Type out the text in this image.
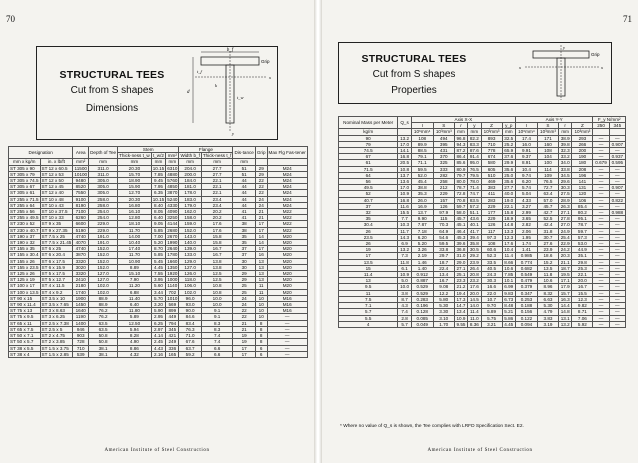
70
STRUCTURAL TEES
Cut from S shapes
Dimensions
b_f
d
t_w
Grip
x
t_f
k
y
Designation		Area	Depth of Tee	Stem			Flange		Dis-tance	Grip	Max Flg Fas-tener
				Thick-ness t_w	t_w/2	mm²	Width b_f	Thick-ness t_f			
mm x kg/m	in. x lb/ft	mm²	mm	mm	mm	mm	mm	mm	mm		
ST 305 x 90	ST 12 x 60.5	11500	311.0	20.30	10.15	6310	204.0	27.7	51	29	M24
ST 305 x 79	ST 12 x 53	10100	311.0	15.70	7.85	4880	200.0	27.7	51	29	M24
ST 305 x 74.5	ST 12 x 50	9480	305.0	18.90	9.45	5760	184.0	22.1	44	22	M24
ST 305 x 67	ST 12 x 45	8520	305.0	15.90	7.95	4850	181.0	22.1	44	22	M24
ST 305 x 61	ST 12 x 40	7550	305.0	12.70	6.35	3870	178.0	22.1	44	22	M24
ST 255 x 71.5	ST 10 x 48	9100	258.0	20.30	10.15	5240	183.0	23.4	44	24	M24
ST 255 x 64	ST 10 x 43	8190	258.0	16.80	8.40	4330	179.0	23.4	44	24	M24
ST 255 x 56	ST 10 x 37.5	7100	254.0	16.10	8.05	4090	162.0	20.2	41	21	M22
ST 255 x 49.5	ST 10 x 33	6260	254.0	12.80	6.40	3250	158.0	20.2	41	21	M22
ST 230 x 52	ST 9 x 35	6600	229.0	18.10	9.05	4144	159.0	17.6	38	17	M22
ST 230 x 40.7	ST 9 x 27.35	5190	229.0	11.70	5.85	2680	152.0	17.6	38	17	M22
ST 190 x 37	ST 7.5 x 25	4740	191.0	14.00	7.00	2670	143.0	15.8	35	14	M20
ST 190 x 32	ST 7.5 x 21.45	4070	191.0	10.40	5.20	1990	140.0	15.8	35	14	M20
ST 155 x 35	ST 6 x 25	4740	152.0	17.40	8.70	2640	139.0	16.7	37	17	M20
ST 155 x 30.4	ST 6 x 20.4	3870	152.0	11.70	5.85	1780	133.0	16.7	37	16	M20
ST 155 x 26	ST 6 x 17.5	3320	152.0	10.90	5.45	1660	129.0	13.8	30	13	M20
ST 155 x 23.5	ST 6 x 15.9	3020	152.0	8.89	4.45	1350	127.0	13.8	30	13	M20
ST 125 x 26	ST 5 x 17.5	3320	127.0	15.10	7.55	1920	126.0	12.5	29	13	M20
ST 125 x 19	ST 5 x 12.7	2410	127.0	7.90	3.95	1000	118.0	12.5	29	13	M20
ST 100 x 17	ST 4 x 11.5	2180	102.0	11.20	5.60	1140	106.0	10.8	25	11	M20
ST 100 x 13.5	ST 4 x 9.2	1740	102.0	6.88	3.44	702	102.0	10.8	25	11	M20
ST 90 x 15	ST 3.5 x 10	1900	88.9	11.40	5.70	1010	96.0	10.0	24	10	M16
ST 90 x 11.4	ST 3.5 x 7.65	1450	88.9	6.40	3.20	569	93.0	10.0	24	10	M16
ST 75 x 13	ST 3 x 8.63	1640	76.2	11.80	5.90	899	90.0	9.1	22	10	M16
ST 75 x 9.5	ST 3 x 6.25	1190	76.2	5.89	2.95	449	84.6	9.1	22	10	—
ST 65 x 11	ST 2.5 x 7.38	1400	63.5	12.50	6.25	794	83.4	8.3	21	8	—
ST 65 x 7.5	ST 2.5 x 5	946	63.5	5.94	2.97	345	76.3	8.3	21	8	—
ST 50 x 7.1	ST 2 x 4.75	903	50.8	8.28	4.14	421	71.0	7.4	19	8	—
ST 50 x 5.7	ST 2 x 3.85	728	50.8	4.90	2.45	249	67.6	7.4	19	8	—
ST 38 x 5.5	ST 1.5 x 3.75	710	38.1	8.86	4.43	336	63.7	6.6	17	6	—
ST 38 x 4	ST 1.5 x 2.85	539	38.1	4.32	2.16	165	59.2	6.6	17	6	—
American Institute of Steel Construction
71
STRUCTURAL TEES
Cut from S shapes
Properties
x	x
y
Grip
Nominal Mass per Meter	Q_s	Axis X-X						Axis Y-Y				F_y N/mm²	
		I	S	r	y	Z	y_p	I	S	r	Z	250	345
kg/m		10⁶mm⁴	10³mm³	mm	mm	10³mm³	mm	10⁶mm⁴	10³mm³	mm	10³mm³		
90	13.2	108	494	96.8	82.2	893	32.5	17.4	171	38.9	293	—	—
79	17.0	89.9	395	94.3	83.3	710	25.2	16.0	160	39.8	266	—	0.907
74.5	14.1	88.5	431	87.2	87.6	778	65.9	9.91	108	32.3	200	—	—
67	16.8	79.1	370	86.4	91.4	674	37.6	9.37	104	33.2	190	—	0.937
61	20.5	71.1	325	85.6	95.0	580	29.9	8.91	100	34.0	180	0.679	0.595
71.5	10.8	59.5	333	80.9	76.5	605	35.6	10.4	114	33.8	208	—	—
64	13.7	52.0	282	79.7	79.5	510	25.0	9.74	109	34.5	196	—	—
56	13.6	45.4	258	80.0	78.0	469	35.6	6.20	76.5	29.6	141	—	—
49.5	17.0	38.8	212	78.7	71.4	383	27.7	5.74	72.7	30.3	131	—	0.907
52	10.9	35.3	229	72.8	74.7	411	40.0	5.04	63.4	27.5	120	—	—
40.7	16.8	26.0	157	70.8	83.5	283	19.0	4.33	57.0	28.9	106	—	0.822
37	11.6	16.9	126	59.7	57.2	229	22.1	3.27	45.7	26.3	85.4	—	—
32	15.5	13.7	97.9	58.0	51.1	177	15.8	2.99	42.7	27.1	80.2	—	0.988
35	7.7	9.90	115	45.7	43.6	229	18.9	3.65	52.5	27.8	95.1	—	—
30.4	10.3	7.87	70.3	45.1	40.1	126	14.8	2.82	42.4	27.0	78.7	—	—
26	11.7	7.18	64.9	46.4	41.7	117	13.3	2.06	31.8	24.9	59.7	—	—
23.5	14.3	6.20	54.6	45.3	39.4	97.3	12.3	1.95	30.7	25.4	57.3	—	—
26	6.9	5.20	59.5	39.6	35.8	108	17.6	1.74	27.6	22.9	53.0	—	—
19	13.2	3.26	33.8	36.8	30.5	60.6	10.4	1.41	23.9	24.2	44.9	—	—
17	7.3	2.19	29.7	31.0	29.2	52.3	11.4	0.985	18.6	20.3	35.1	—	—
13.5	11.8	1.46	18.7	29.0	23.9	33.5	8.66	0.774	15.2	21.1	29.8	—	—
15	6.1	1.40	22.4	27.1	26.4	40.5	10.6	0.682	13.5	18.7	25.3	—	—
11.4	10.9	0.912	13.4	25.1	20.8	24.3	7.85	0.549	11.8	19.5	22.1	—	—
13	5.0	0.887	16.7	23.3	23.2	30.3	10.1	0.479	10.6	17.1	20.0	—	—
9.5	10.0	0.529	9.08	21.2	17.6	16.6	6.99	0.379	8.96	17.9	16.7	—	—
11	3.8	0.529	12.2	19.4	20.0	22.0	9.83	0.347	8.32	15.7	15.5	—	—
7.5	8.7	0.283	5.80	17.3	14.5	10.7	6.73	0.253	6.63	16.3	12.3	—	—
7.1	4.3	0.196	5.30	14.7	14.0	9.70	8.48	0.188	5.30	14.4	9.82	—	—
5.7	7.4	0.128	3.30	13.4	11.4	5.89	5.21	0.156	4.79	14.8	8.71	—	—
5.5	2.8	0.085	3.10	10.9	11.0	5.75	5.86	0.122	3.83	13.1	7.06	—	—
4	5.7	0.049	1.70	9.55	8.36	3.21	4.45	0.094	3.19	13.2	5.92	—	—
* Where no value of Q_s is shown, the Tee complies with LRFD Specification Sect. E2.
American Institute of Steel Construction
